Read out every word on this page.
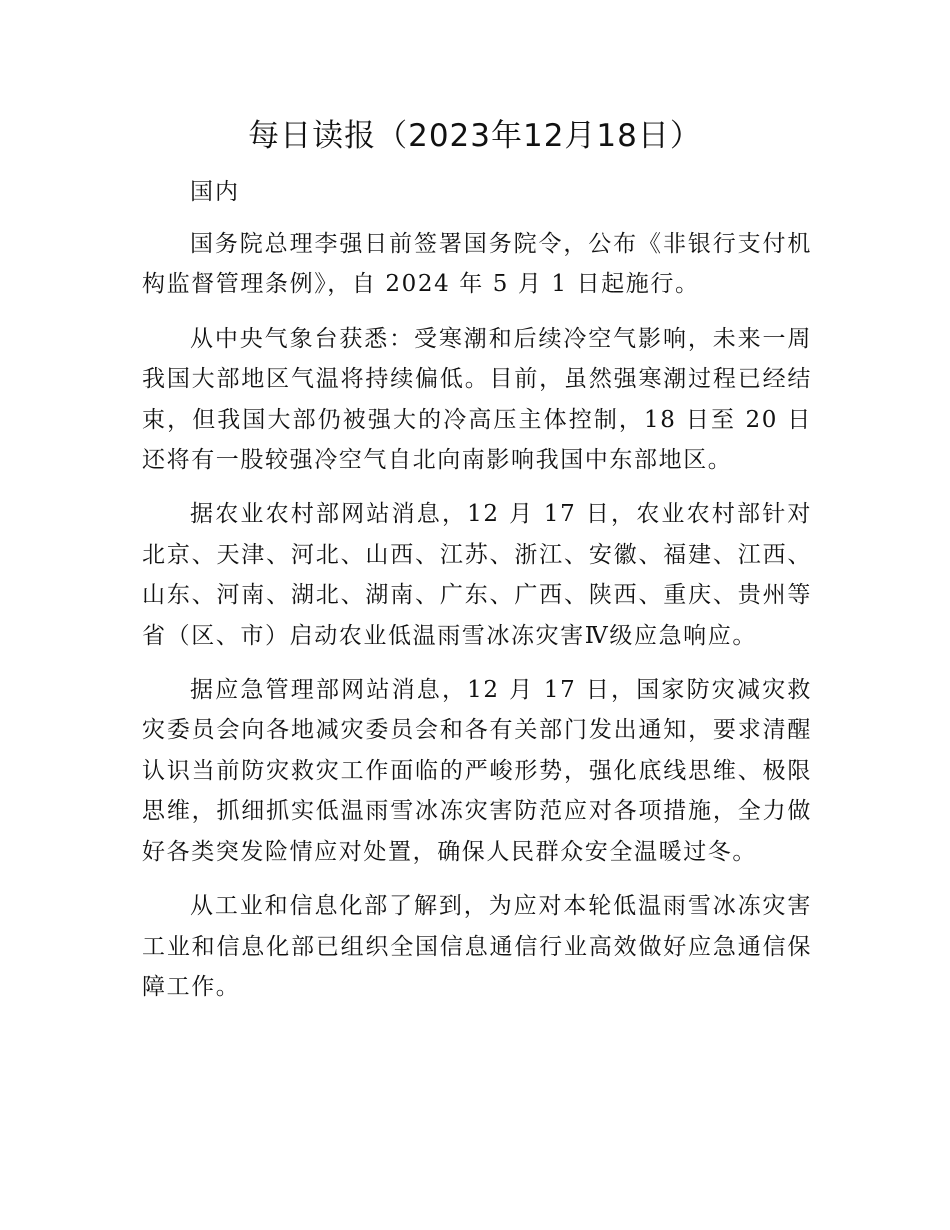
每日读报（2023年12月18日）

国内

国务院总理李强日前签署国务院令，公布《非银行支付机构监督管理条例》，自 2024 年 5 月 1 日起施行。

从中央气象台获悉：受寒潮和后续冷空气影响，未来一周我国大部地区气温将持续偏低。目前，虽然强寒潮过程已经结束，但我国大部仍被强大的冷高压主体控制，18 日至 20 日还将有一股较强冷空气自北向南影响我国中东部地区。

据农业农村部网站消息，12 月 17 日，农业农村部针对北京、天津、河北、山西、江苏、浙江、安徽、福建、江西、山东、河南、湖北、湖南、广东、广西、陕西、重庆、贵州等省（区、市）启动农业低温雨雪冰冻灾害Ⅳ级应急响应。

据应急管理部网站消息，12 月 17 日，国家防灾减灾救灾委员会向各地减灾委员会和各有关部门发出通知，要求清醒认识当前防灾救灾工作面临的严峻形势，强化底线思维、极限思维，抓细抓实低温雨雪冰冻灾害防范应对各项措施，全力做好各类突发险情应对处置，确保人民群众安全温暖过冬。

从工业和信息化部了解到，为应对本轮低温雨雪冰冻灾害工业和信息化部已组织全国信息通信行业高效做好应急通信保障工作。
